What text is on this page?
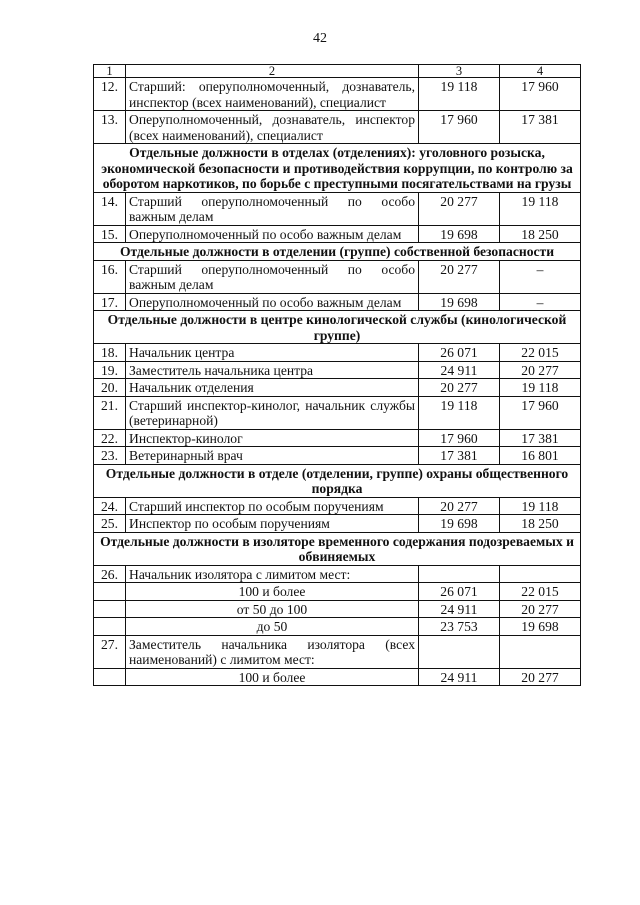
42
1	2	3	4
12.	Старший: оперуполномоченный, дознаватель, инспектор (всех наименований), специалист	19 118	17 960
13.	Оперуполномоченный, дознаватель, инспектор (всех наименований), специалист	17 960	17 381
Отдельные должности в отделах (отделениях): уголовного розыска, экономической безопасности и противодействия коррупции, по контролю за оборотом наркотиков, по борьбе с преступными посягательствами на грузы			
14.	Старший оперуполномоченный по особо важным делам	20 277	19 118
15.	Оперуполномоченный по особо важным делам	19 698	18 250
Отдельные должности в отделении (группе) собственной безопасности			
16.	Старший оперуполномоченный по особо важным делам	20 277	–
17.	Оперуполномоченный по особо важным делам	19 698	–
Отдельные должности в центре кинологической службы (кинологической группе)			
18.	Начальник центра	26 071	22 015
19.	Заместитель начальника центра	24 911	20 277
20.	Начальник отделения	20 277	19 118
21.	Старший инспектор-кинолог, начальник службы (ветеринарной)	19 118	17 960
22.	Инспектор-кинолог	17 960	17 381
23.	Ветеринарный врач	17 381	16 801
Отдельные должности в отделе (отделении, группе) охраны общественного порядка			
24.	Старший инспектор по особым поручениям	20 277	19 118
25.	Инспектор по особым поручениям	19 698	18 250
Отдельные должности в изоляторе временного содержания подозреваемых и обвиняемых			
26.	Начальник изолятора с лимитом мест:		
	100 и более	26 071	22 015
	от 50 до 100	24 911	20 277
	до 50	23 753	19 698
27.	Заместитель начальника изолятора (всех наименований) с лимитом мест:		
	100 и более	24 911	20 277
